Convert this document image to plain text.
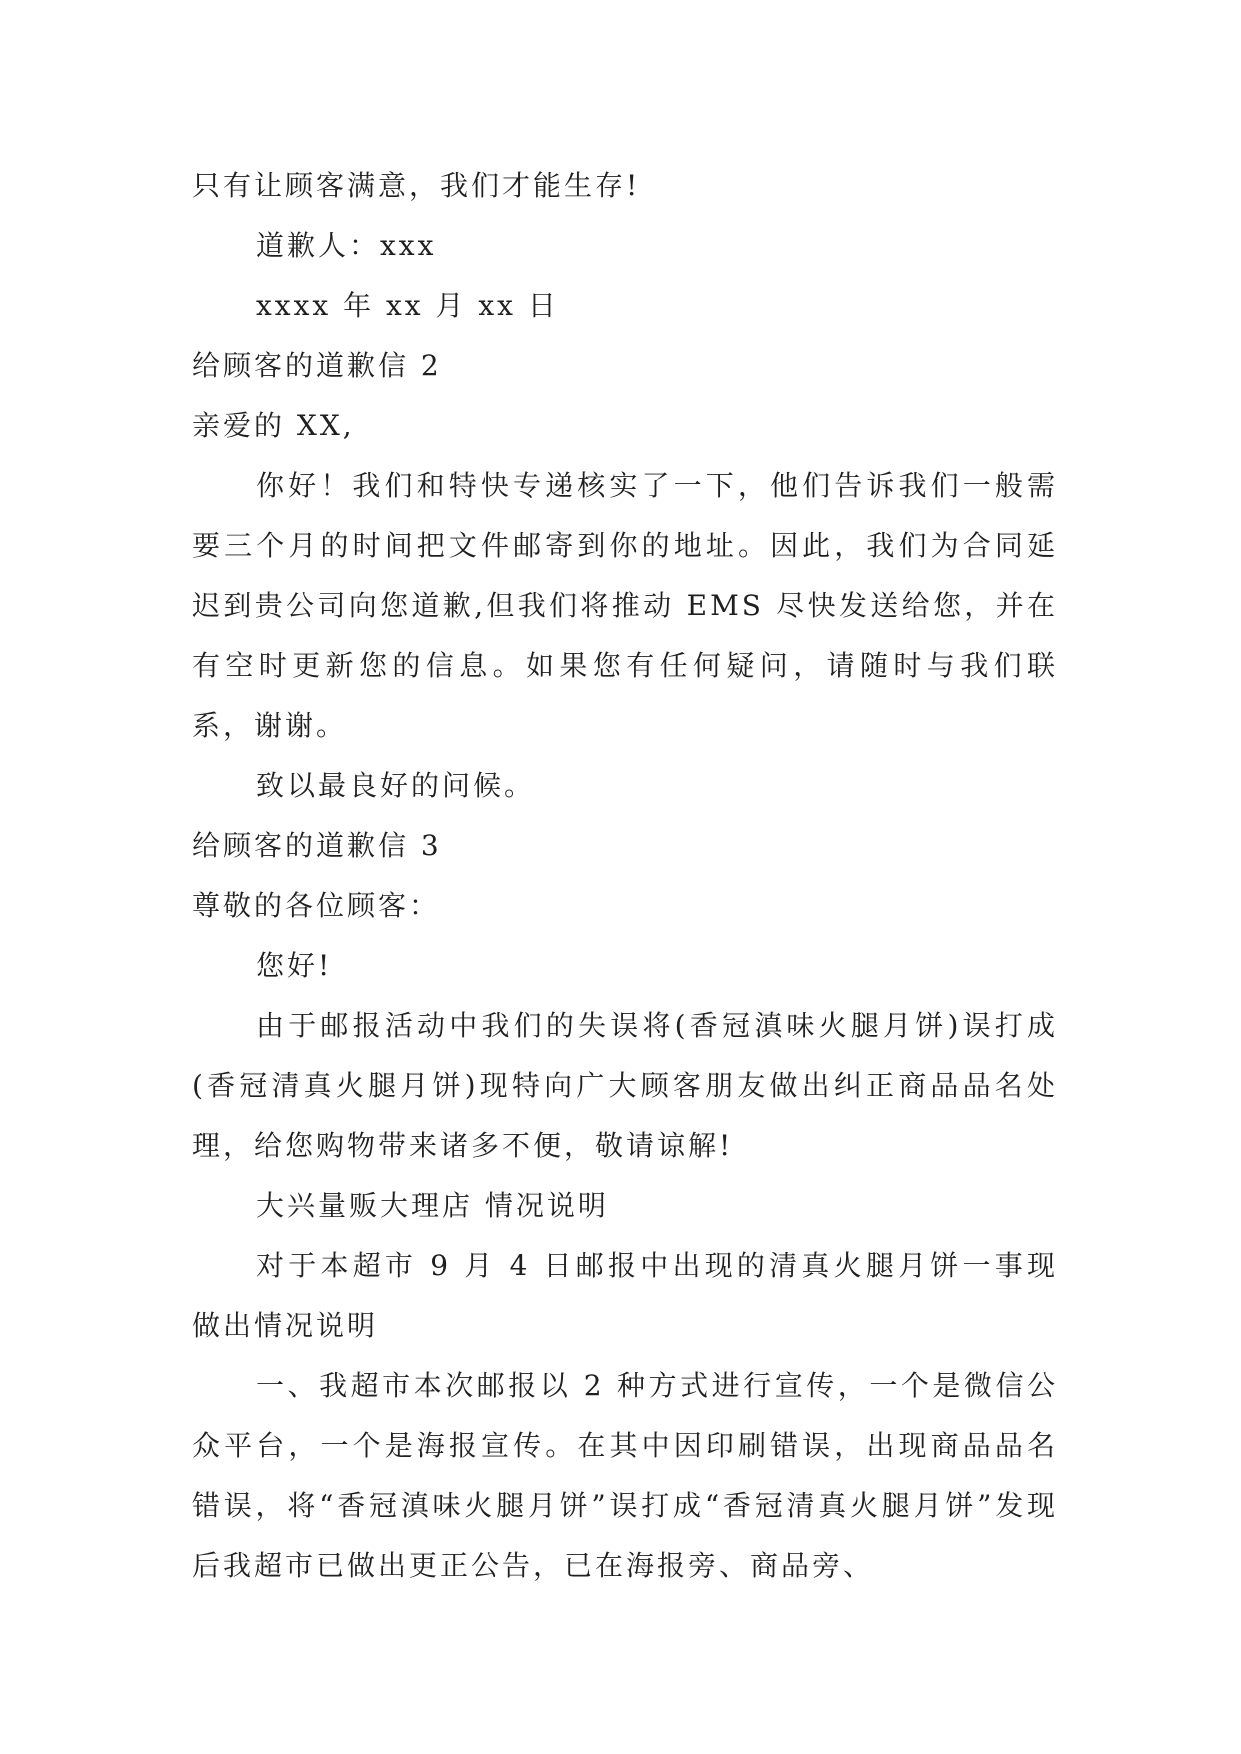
只有让顾客满意，我们才能生存!

道歉人：xxx

xxxx 年 xx 月 xx 日

给顾客的道歉信 2

亲爱的 XX,

你好！我们和特快专递核实了一下，他们告诉我们一般需要三个月的时间把文件邮寄到你的地址。因此，我们为合同延迟到贵公司向您道歉,但我们将推动 EMS 尽快发送给您，并在有空时更新您的信息。如果您有任何疑问，请随时与我们联系，谢谢。

致以最良好的问候。

给顾客的道歉信 3

尊敬的各位顾客：

您好!

由于邮报活动中我们的失误将(香冠滇味火腿月饼)误打成(香冠清真火腿月饼)现特向广大顾客朋友做出纠正商品品名处理，给您购物带来诸多不便，敬请谅解!

大兴量贩大理店 情况说明

对于本超市 9 月 4 日邮报中出现的清真火腿月饼一事现做出情况说明

一、我超市本次邮报以 2 种方式进行宣传，一个是微信公众平台，一个是海报宣传。在其中因印刷错误，出现商品品名错误，将“香冠滇味火腿月饼”误打成“香冠清真火腿月饼”发现后我超市已做出更正公告，已在海报旁、商品旁、
